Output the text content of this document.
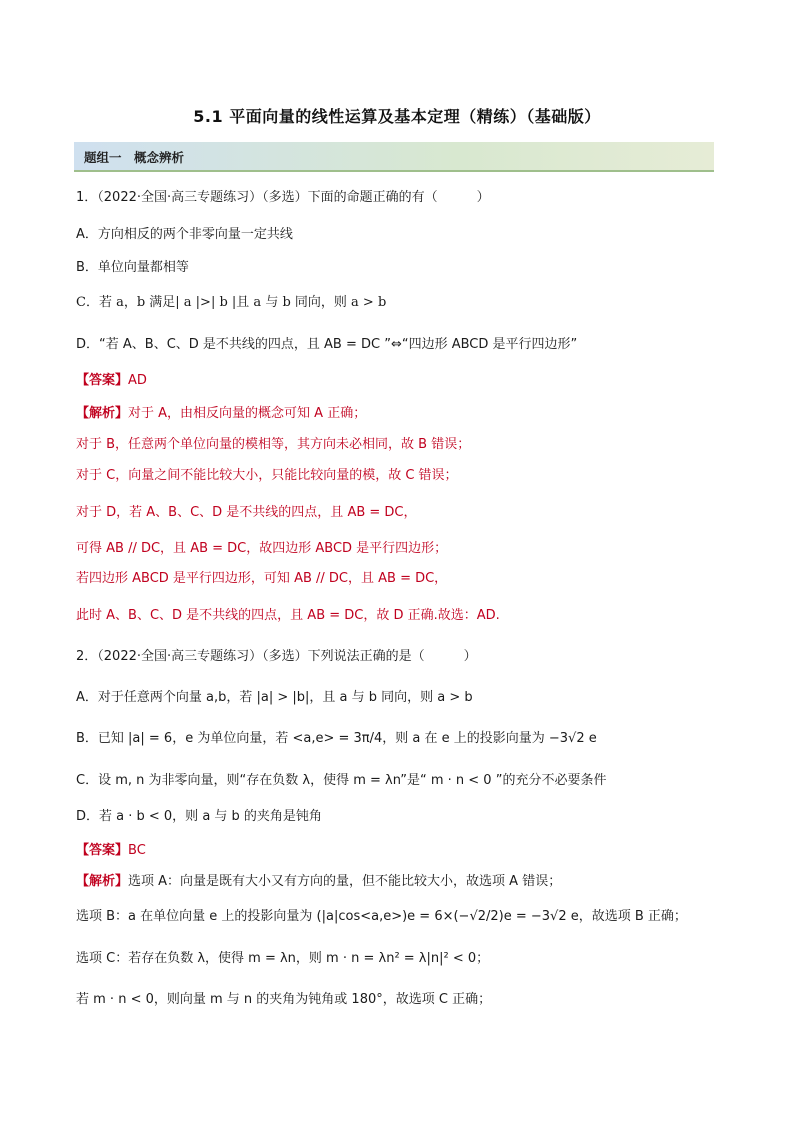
5.1 平面向量的线性运算及基本定理（精练）（基础版）
题组一　概念辨析
1．（2022·全国·高三专题练习）（多选）下面的命题正确的有（　　　）
A．方向相反的两个非零向量一定共线
B．单位向量都相等
C．若 a，b 满足| a |>| b |且 a 与 b 同向，则 a > b
D．“若 A、B、C、D 是不共线的四点，且 AB = DC ”⇔“四边形 ABCD 是平行四边形”
【答案】AD
【解析】对于 A，由相反向量的概念可知 A 正确；
对于 B，任意两个单位向量的模相等，其方向未必相同，故 B 错误；
对于 C，向量之间不能比较大小，只能比较向量的模，故 C 错误；
对于 D，若 A、B、C、D 是不共线的四点，且 AB = DC，
可得 AB // DC，且 AB = DC，故四边形 ABCD 是平行四边形；
若四边形 ABCD 是平行四边形，可知 AB // DC，且 AB = DC，
此时 A、B、C、D 是不共线的四点，且 AB = DC，故 D 正确.故选：AD.
2．（2022·全国·高三专题练习）（多选）下列说法正确的是（　　　）
A．对于任意两个向量 a,b，若 |a| > |b|，且 a 与 b 同向，则 a > b
B．已知 |a| = 6，e 为单位向量，若 <a,e> = 3π/4，则 a 在 e 上的投影向量为 −3√2 e
C．设 m, n 为非零向量，则“存在负数 λ，使得 m = λn”是“ m · n < 0 ”的充分不必要条件
D．若 a · b < 0，则 a 与 b 的夹角是钝角
【答案】BC
【解析】选项 A：向量是既有大小又有方向的量，但不能比较大小，故选项 A 错误；
选项 B：a 在单位向量 e 上的投影向量为 (|a|cos<a,e>)e = 6×(−√2/2)e = −3√2 e，故选项 B 正确；
选项 C：若存在负数 λ，使得 m = λn，则 m · n = λn² = λ|n|² < 0；
若 m · n < 0，则向量 m 与 n 的夹角为钝角或 180°，故选项 C 正确；
